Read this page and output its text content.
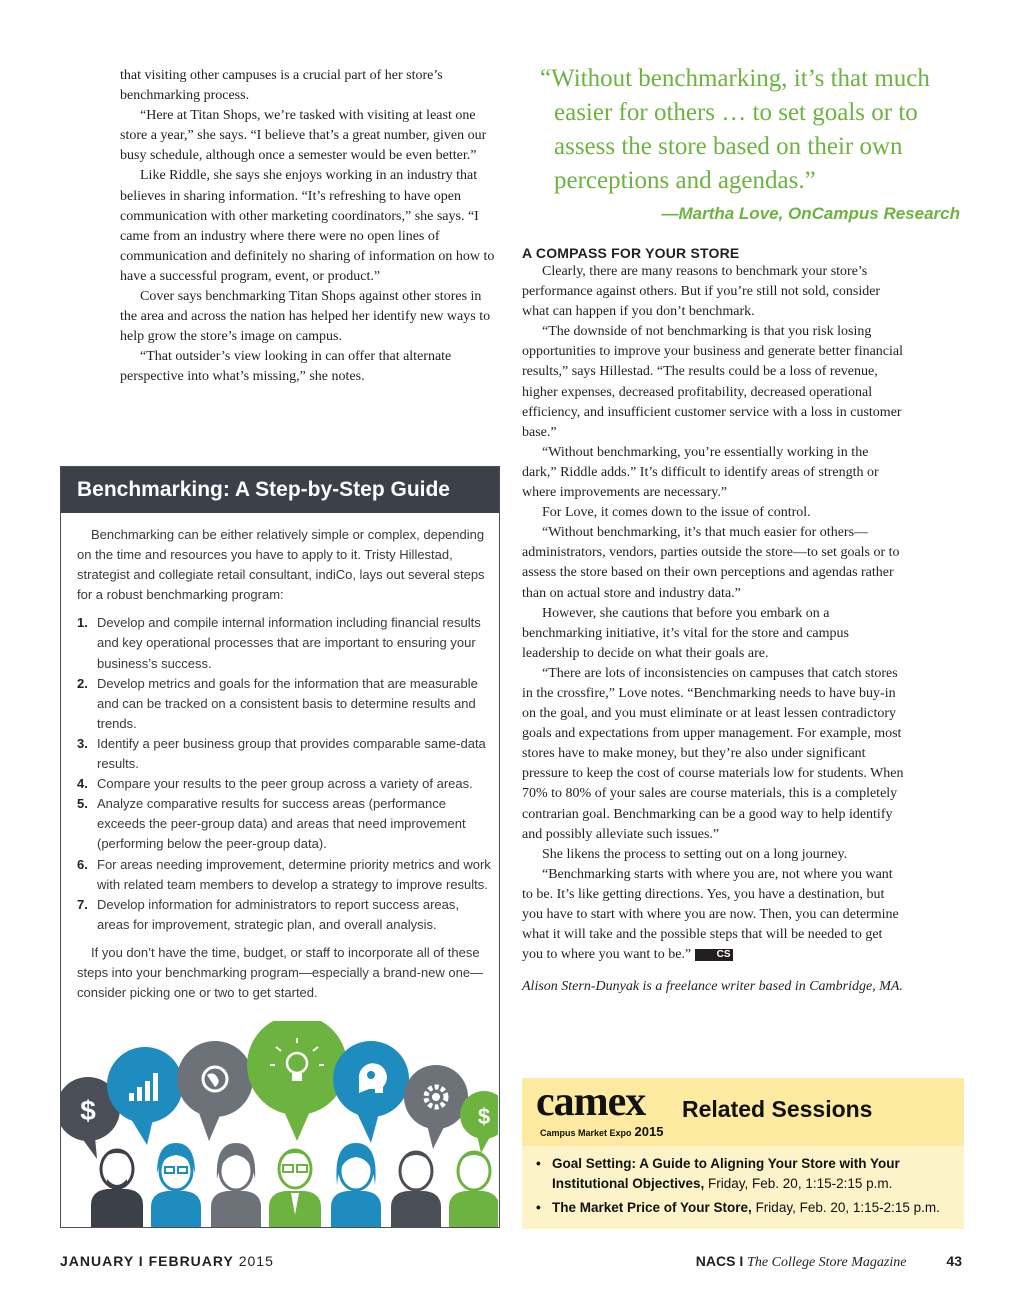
that visiting other campuses is a crucial part of her store’s benchmarking process.

“Here at Titan Shops, we’re tasked with visiting at least one store a year,” she says. “I believe that’s a great number, given our busy schedule, although once a semester would be even better.”

Like Riddle, she says she enjoys working in an industry that believes in sharing information. “It’s refreshing to have open communication with other marketing coordinators,” she says. “I came from an industry where there were no open lines of communication and definitely no sharing of information on how to have a successful program, event, or product.”

Cover says benchmarking Titan Shops against other stores in the area and across the nation has helped her identify new ways to help grow the store’s image on campus.

“That outsider’s view looking in can offer that alternate perspective into what’s missing,” she notes.

“Without benchmarking, it’s that much easier for others … to set goals or to assess the store based on their own perceptions and agendas.”
—Martha Love, OnCampus Research
A COMPASS FOR YOUR STORE

Clearly, there are many reasons to benchmark your store’s performance against others. But if you’re still not sold, consider what can happen if you don’t benchmark.

“The downside of not benchmarking is that you risk losing opportunities to improve your business and generate better financial results,” says Hillestad. “The results could be a loss of revenue, higher expenses, decreased profitability, decreased operational efficiency, and insufficient customer service with a loss in customer base.”

“Without benchmarking, you’re essentially working in the dark,” Riddle adds.” It’s difficult to identify areas of strength or where improvements are necessary.”

For Love, it comes down to the issue of control.

“Without benchmarking, it’s that much easier for others—administrators, vendors, parties outside the store—to set goals or to assess the store based on their own perceptions and agendas rather than on actual store and industry data.”

However, she cautions that before you embark on a benchmarking initiative, it’s vital for the store and campus leadership to decide on what their goals are.

“There are lots of inconsistencies on campuses that catch stores in the crossfire,” Love notes. “Benchmarking needs to have buy-in on the goal, and you must eliminate or at least lessen contradictory goals and expectations from upper management. For example, most stores have to make money, but they’re also under significant pressure to keep the cost of course materials low for students. When 70% to 80% of your sales are course materials, this is a completely contrarian goal. Benchmarking can be a good way to help identify and possibly alleviate such issues.”

She likens the process to setting out on a long journey.

“Benchmarking starts with where you are, not where you want to be. It’s like getting directions. Yes, you have a destination, but you have to start with where you are now. Then, you can determine what it will take and the possible steps that will be needed to get you to where you want to be.”	CS

Alison Stern-Dunyak is a freelance writer based in Cambridge, MA.

Benchmarking: A Step-by-Step Guide

Benchmarking can be either relatively simple or complex, depending on the time and resources you have to apply to it. Tristy Hillestad, strategist and collegiate retail consultant, indiCo, lays out several steps for a robust benchmarking program:

1. Develop and compile internal information including financial results and key operational processes that are important to ensuring your business’s success.
2. Develop metrics and goals for the information that are measurable and can be tracked on a consistent basis to determine results and trends.
3. Identify a peer business group that provides comparable same-data results.
4. Compare your results to the peer group across a variety of areas.
5. Analyze comparative results for success areas (performance exceeds the peer-group data) and areas that need improvement (performing below the peer-group data).
6. For areas needing improvement, determine priority metrics and work with related team members to develop a strategy to improve results.
7. Develop information for administrators to report success areas, areas for improvement, strategic plan, and overall analysis.

If you don’t have the time, budget, or staff to incorporate all of these steps into your benchmarking program—especially a brand-new one—consider picking one or two to get started.

$	$ camex
Campus Market Expo 2015
Related Sessions
• Goal Setting: A Guide to Aligning Your Store with Your Institutional Objectives, Friday, Feb. 20, 1:15-2:15 p.m.
• The Market Price of Your Store, Friday, Feb. 20, 1:15-2:15 p.m.
JANUARY I FEBRUARY 2015	NACS I The College Store Magazine	43
